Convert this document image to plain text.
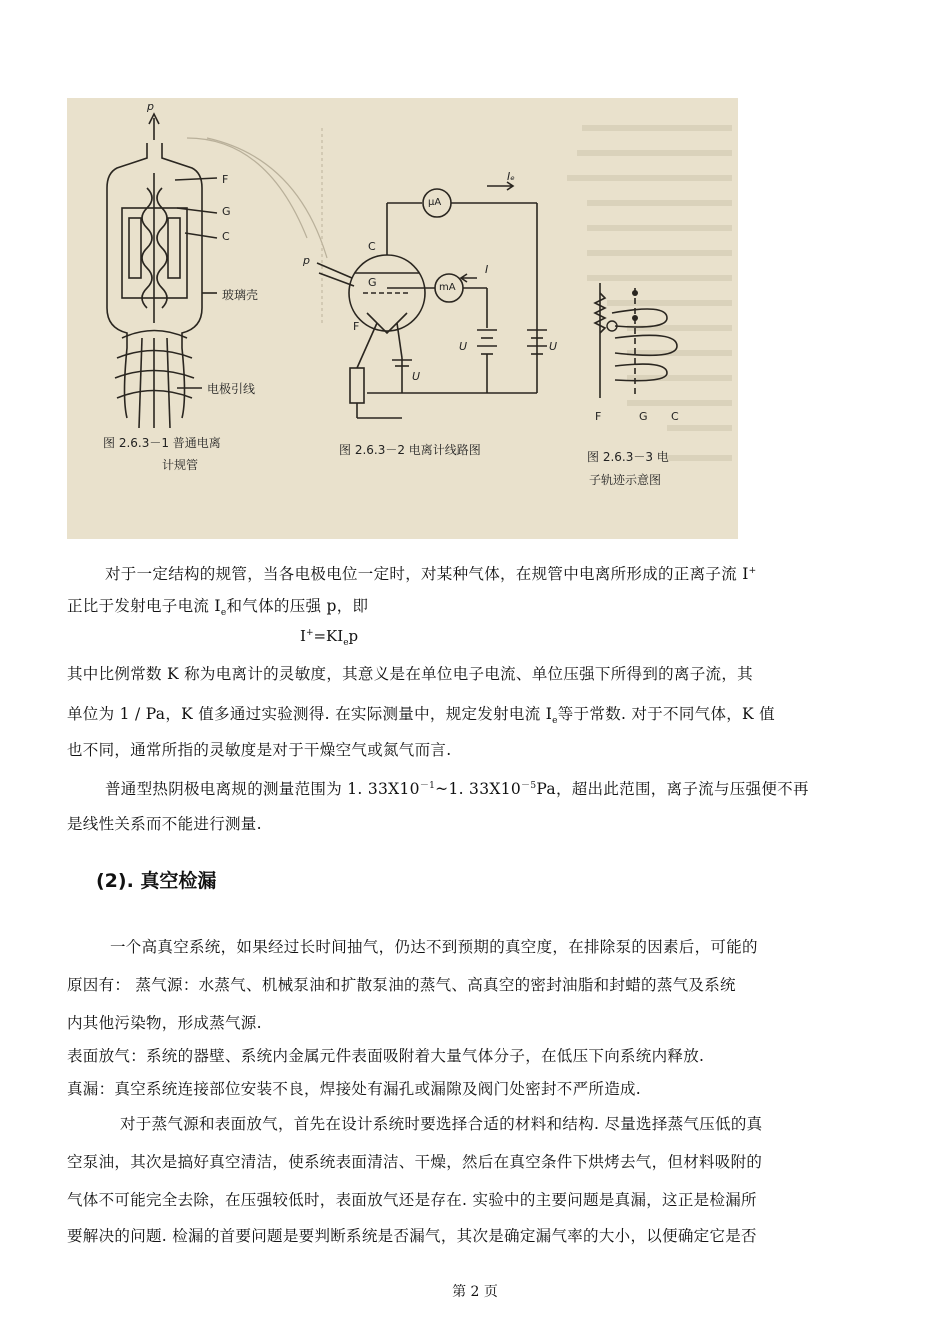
p
F
G
C
玻璃壳
电极引线
p
C
G
F
μA
mA
Iₑ
I
U	U
U
F	G C
图 2.6.3－1 普通电离
计规管
图 2.6.3－2 电离计线路图	图 2.6.3－3 电
子轨迹示意图
对于一定结构的规管，当各电极电位一定时，对某种气体，在规管中电离所形成的正离子流 I+
正比于发射电子电流 $I_e$和气体的压强 p，即
$I^+=KI_ep$
其中比例常数 K 称为电离计的灵敏度，其意义是在单位电子电流、单位压强下所得到的离子流，其
单位为 1 / Pa，K 值多通过实验测得. 在实际测量中，规定发射电流 $I_e$等于常数. 对于不同气体，K 值
也不同，通常所指的灵敏度是对于干燥空气或氮气而言.
普通型热阴极电离规的测量范围为 1. $33X10^{-1}\sim 1$. $33X10^{-5}Pa$，超出此范围，离子流与压强便不再
是线性关系而不能进行测量.
(2). 真空检漏
一个高真空系统，如果经过长时间抽气，仍达不到预期的真空度，在排除泵的因素后，可能的
原因有： 蒸气源：水蒸气、机械泵油和扩散泵油的蒸气、高真空的密封油脂和封蜡的蒸气及系统
内其他污染物，形成蒸气源.
表面放气：系统的器壁、系统内金属元件表面吸附着大量气体分子，在低压下向系统内释放.
真漏：真空系统连接部位安装不良，焊接处有漏孔或漏隙及阀门处密封不严所造成.
对于蒸气源和表面放气，首先在设计系统时要选择合适的材料和结构. 尽量选择蒸气压低的真
空泵油，其次是搞好真空清洁，使系统表面清洁、干燥，然后在真空条件下烘烤去气，但材料吸附的
气体不可能完全去除，在压强较低时，表面放气还是存在. 实验中的主要问题是真漏，这正是检漏所
要解决的问题. 检漏的首要问题是要判断系统是否漏气，其次是确定漏气率的大小，以便确定它是否
第 2 页
